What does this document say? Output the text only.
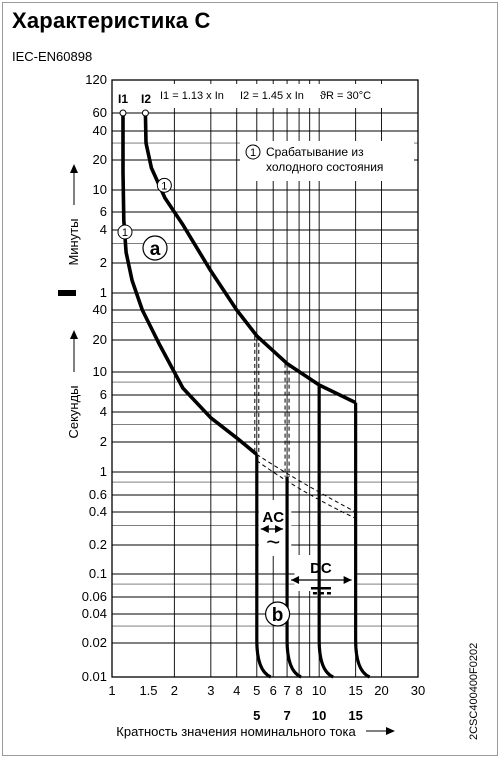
Характеристика С
IEC-EN60898
2CSC400400F0202
120
60
40
20
10
6
4
2
1
40
20
10
6
4
2
1
0.6
0.4
0.2
0.1
0.06
0.04
0.02
0.01
Минуты
Секунды
1 1.5 2 3 4 5 6 7 8 10 15 20 30
5 7 10 15
Кратность значения номинального тока
I1 I2 I1 = 1.13 x In I2 = 1.45 x In ϑR = 30°C
1 Срабатывание из
холодного состояния
1
1
a
AC
~
DC
b
